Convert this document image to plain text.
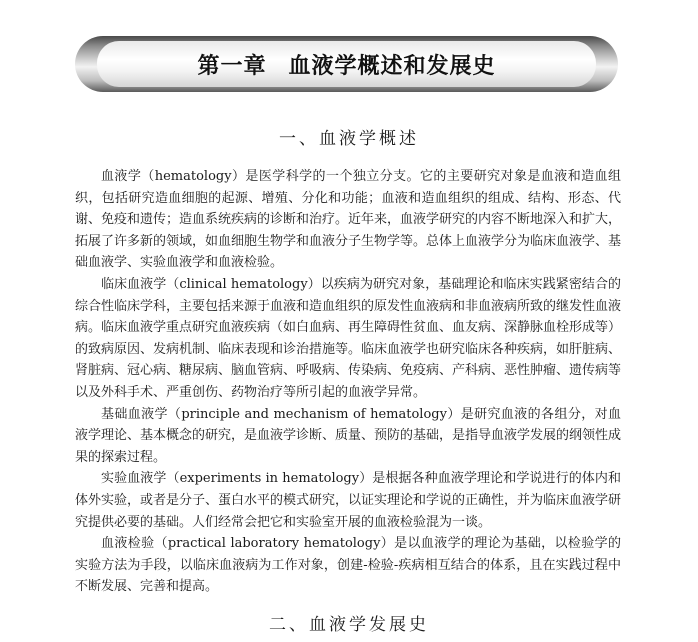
第一章 血液学概述和发展史
一、血液学概述

血液学（hematology）是医学科学的一个独立分支。它的主要研究对象是血液和造血组织，包括研究造血细胞的起源、增殖、分化和功能；血液和造血组织的组成、结构、形态、代谢、免疫和遗传；造血系统疾病的诊断和治疗。近年来，血液学研究的内容不断地深入和扩大，拓展了许多新的领域，如血细胞生物学和血液分子生物学等。总体上血液学分为临床血液学、基础血液学、实验血液学和血液检验。

临床血液学（clinical hematology）以疾病为研究对象，基础理论和临床实践紧密结合的综合性临床学科，主要包括来源于血液和造血组织的原发性血液病和非血液病所致的继发性血液病。临床血液学重点研究血液疾病（如白血病、再生障碍性贫血、血友病、深静脉血栓形成等）的致病原因、发病机制、临床表现和诊治措施等。临床血液学也研究临床各种疾病，如肝脏病、肾脏病、冠心病、糖尿病、脑血管病、呼吸病、传染病、免疫病、产科病、恶性肿瘤、遗传病等以及外科手术、严重创伤、药物治疗等所引起的血液学异常。

基础血液学（principle and mechanism of hematology）是研究血液的各组分，对血液学理论、基本概念的研究，是血液学诊断、质量、预防的基础，是指导血液学发展的纲领性成果的探索过程。

实验血液学（experiments in hematology）是根据各种血液学理论和学说进行的体内和体外实验，或者是分子、蛋白水平的模式研究，以证实理论和学说的正确性，并为临床血液学研究提供必要的基础。人们经常会把它和实验室开展的血液检验混为一谈。

血液检验（practical laboratory hematology）是以血液学的理论为基础，以检验学的实验方法为手段，以临床血液病为工作对象，创建-检验-疾病相互结合的体系，且在实践过程中不断发展、完善和提高。

二、血液学发展史
